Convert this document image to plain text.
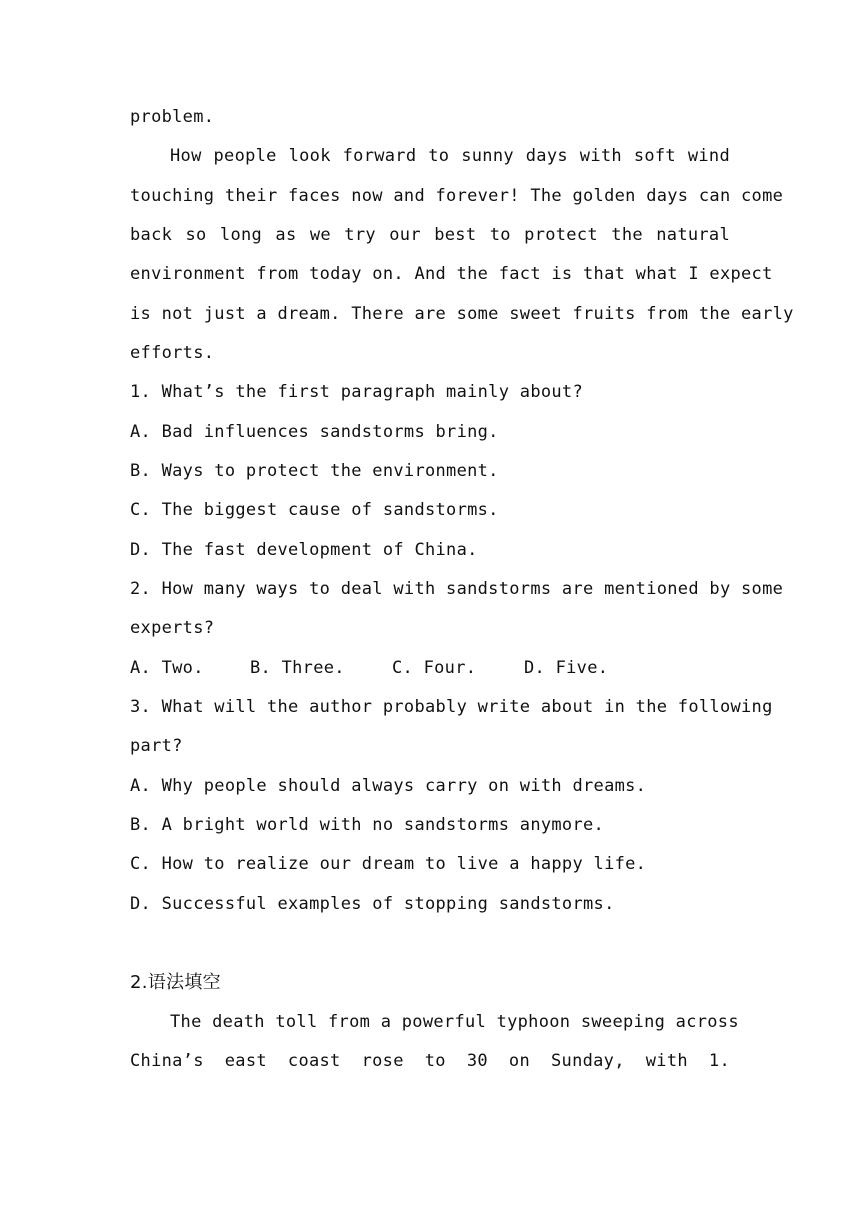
problem.
How people look forward to sunny days with soft wind
touching their faces now and forever! The golden days can come
back so long as we try our best to protect the natural
environment from today on. And the fact is that what I expect
is not just a dream. There are some sweet fruits from the early
efforts.
1. What’s the first paragraph mainly about?
A. Bad influences sandstorms bring.
B. Ways to protect the environment.
C. The biggest cause of sandstorms.
D. The fast development of China.
2. How many ways to deal with sandstorms are mentioned by some
experts?
A. Two.	B. Three.	C. Four.	D. Five.
3. What will the author probably write about in the following
part?
A. Why people should always carry on with dreams.
B. A bright world with no sandstorms anymore.
C. How to realize our dream to live a happy life.
D. Successful examples of stopping sandstorms.
2.语法填空
The death toll from a powerful typhoon sweeping across
China’s east coast rose to 30 on Sunday, with 1.
